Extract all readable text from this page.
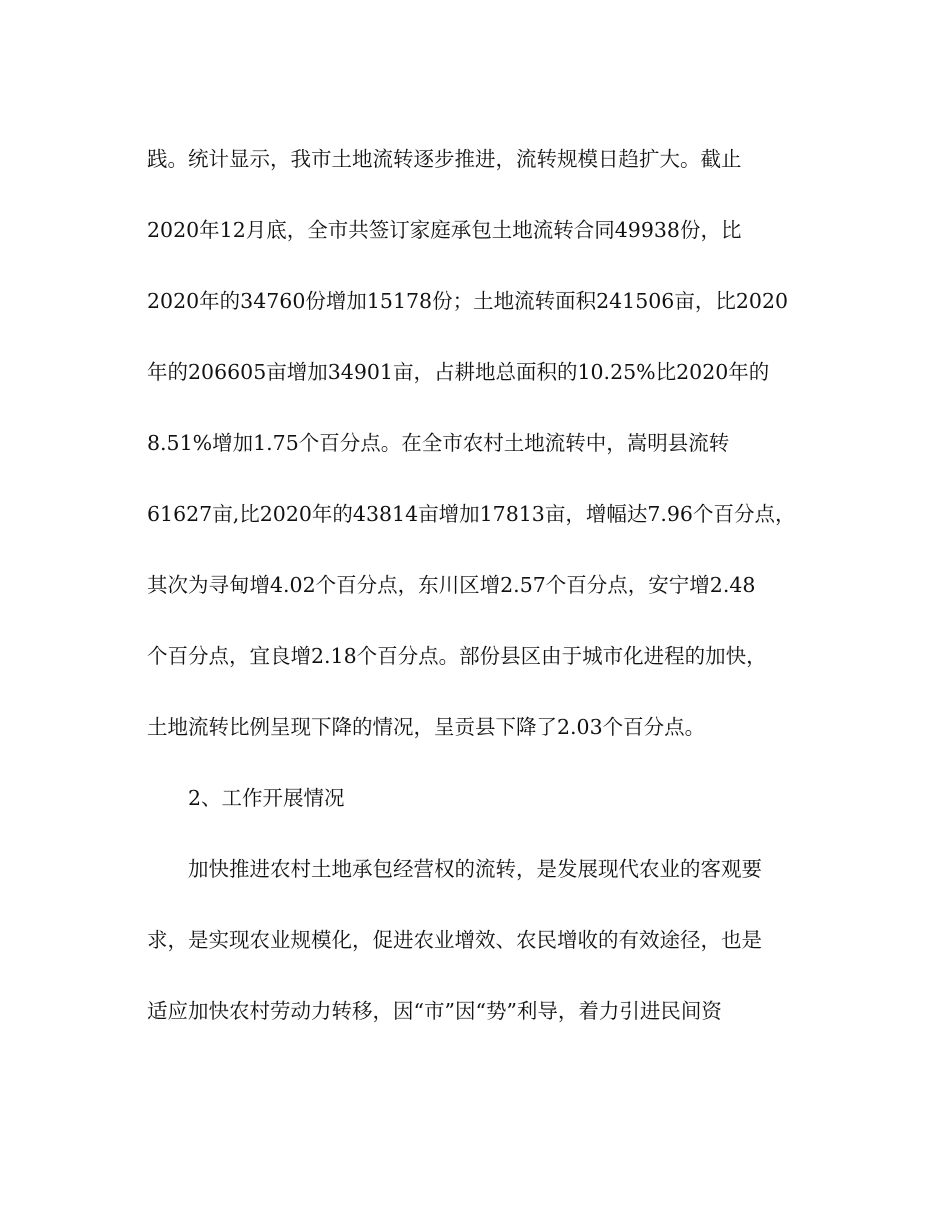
践。统计显示，我市土地流转逐步推进，流转规模日趋扩大。截止
2020年12月底，全市共签订家庭承包土地流转合同49938份，比
2020年的34760份增加15178份；土地流转面积241506亩，比2020
年的206605亩增加34901亩，占耕地总面积的10.25%比2020年的
8.51%增加1.75个百分点。在全市农村土地流转中，嵩明县流转
61627亩,比2020年的43814亩增加17813亩，增幅达7.96个百分点，
其次为寻甸增4.02个百分点，东川区增2.57个百分点，安宁增2.48
个百分点，宜良增2.18个百分点。部份县区由于城市化进程的加快，
土地流转比例呈现下降的情况，呈贡县下降了2.03个百分点。
2、工作开展情况
加快推进农村土地承包经营权的流转，是发展现代农业的客观要
求，是实现农业规模化，促进农业增效、农民增收的有效途径，也是
适应加快农村劳动力转移，因“市”因“势”利导，着力引进民间资
